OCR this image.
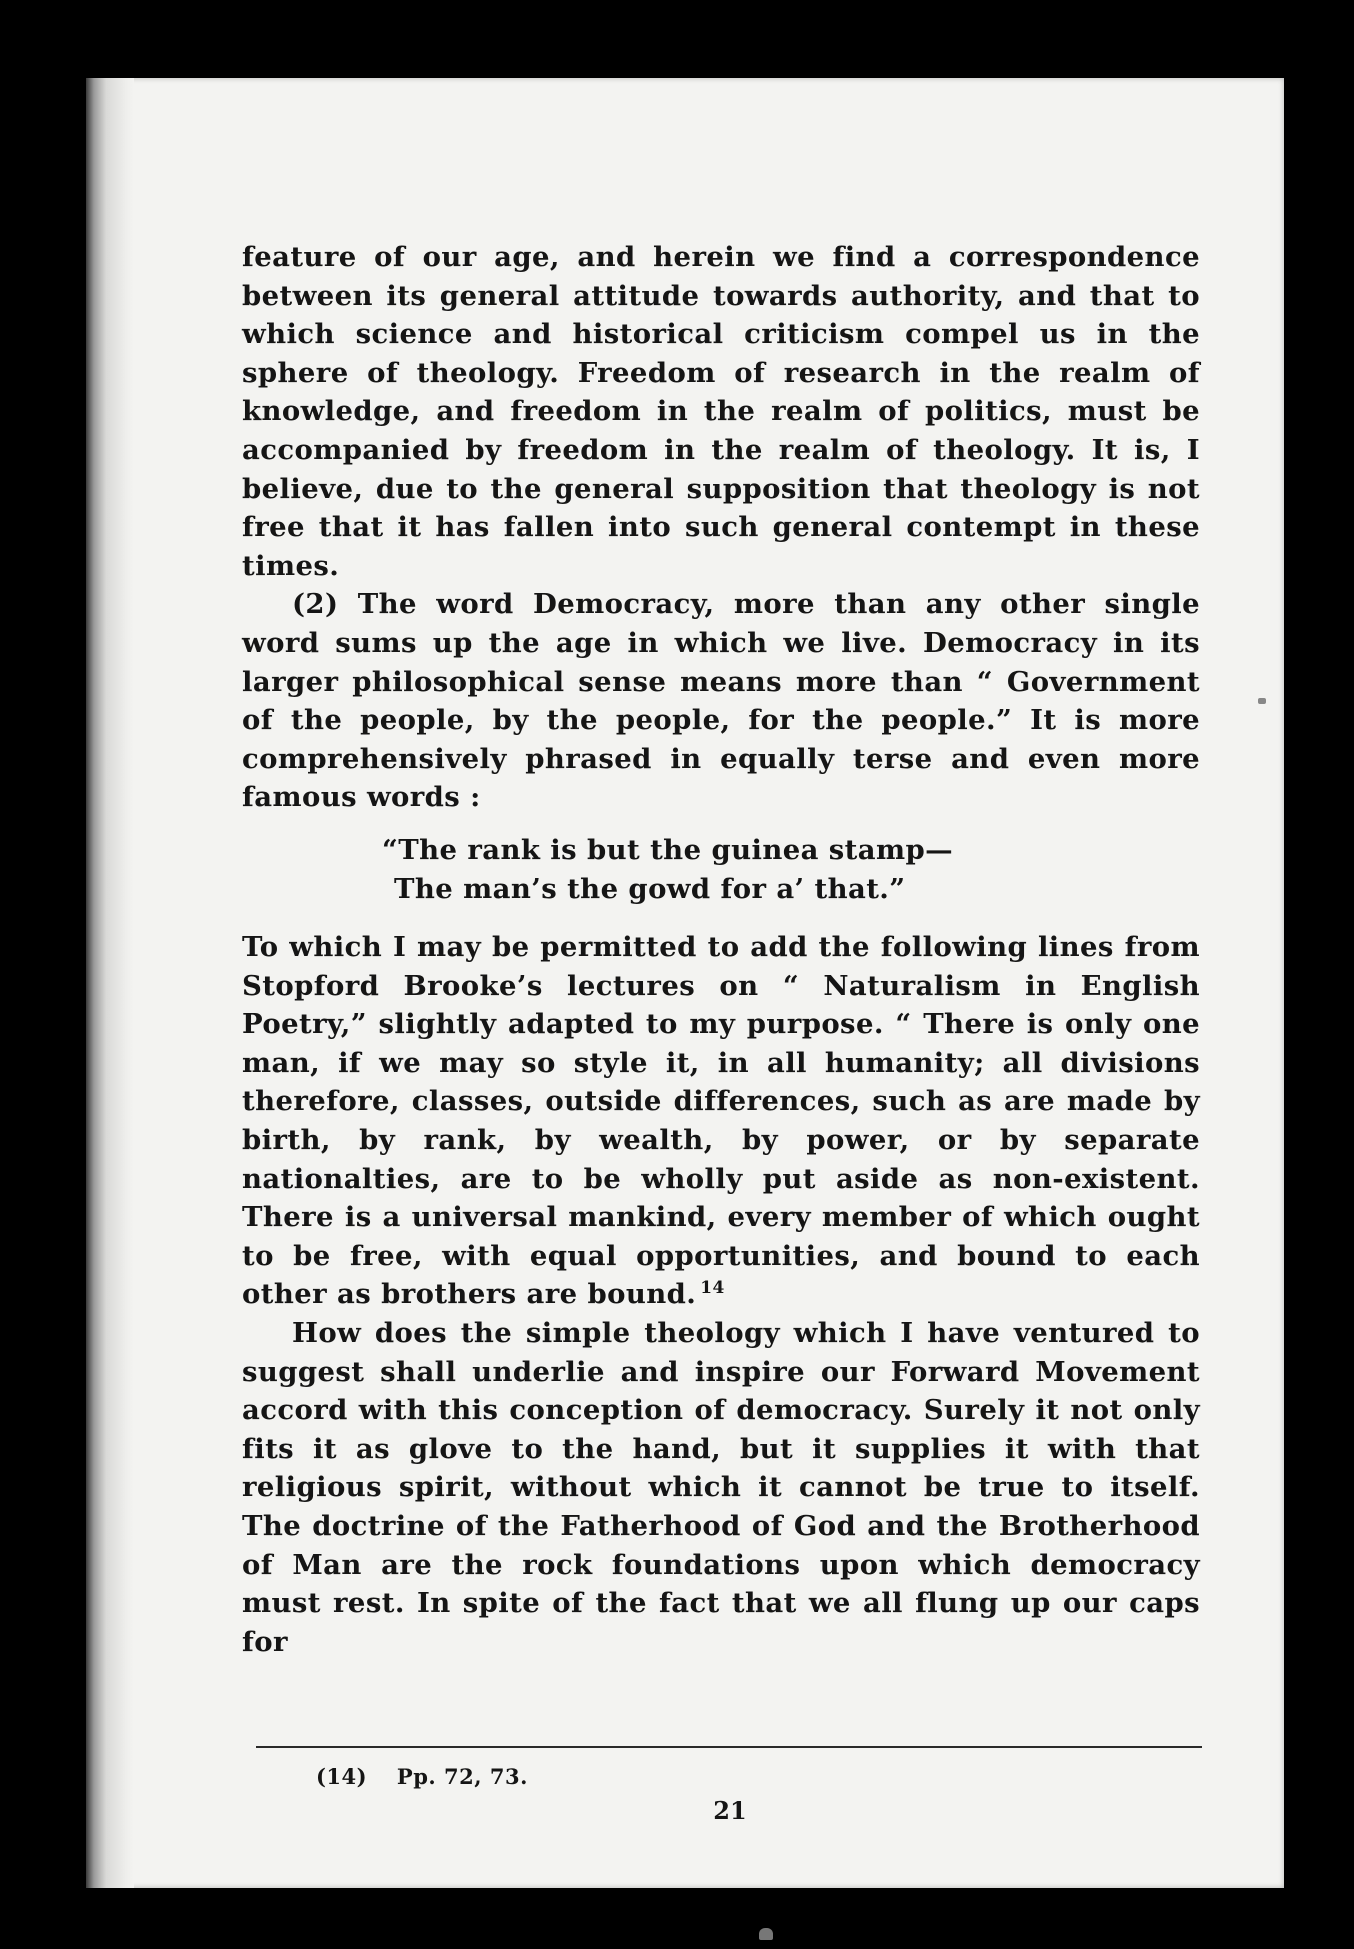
feature of our age, and herein we find a correspondence between its general attitude towards authority, and that to which science and historical criticism compel us in the sphere of theology. Freedom of research in the realm of knowledge, and freedom in the realm of politics, must be accompanied by freedom in the realm of theology. It is, I believe, due to the general supposition that theology is not free that it has fallen into such general contempt in these times.

(2) The word Democracy, more than any other single word sums up the age in which we live. Democracy in its larger philosophical sense means more than “ Government of the people, by the people, for the people.” It is more comprehensively phrased in equally terse and even more famous words :

“The rank is but the guinea stamp—
The man’s the gowd for a’ that.”

To which I may be permitted to add the following lines from Stopford Brooke’s lectures on “ Naturalism in English Poetry,” slightly adapted to my purpose. “ There is only one man, if we may so style it, in all humanity; all divisions therefore, classes, outside differences, such as are made by birth, by rank, by wealth, by power, or by separate nationalties, are to be wholly put aside as non-existent. There is a universal mankind, every member of which ought to be free, with equal opportunities, and bound to each other as brothers are bound. $^{14}$

How does the simple theology which I have ventured to suggest shall underlie and inspire our Forward Movement accord with this conception of democracy. Surely it not only fits it as glove to the hand, but it supplies it with that religious spirit, without which it cannot be true to itself. The doctrine of the Fatherhood of God and the Brotherhood of Man are the rock foundations upon which democracy must rest. In spite of the fact that we all flung up our caps for

(14) Pp. 72, 73.
21
